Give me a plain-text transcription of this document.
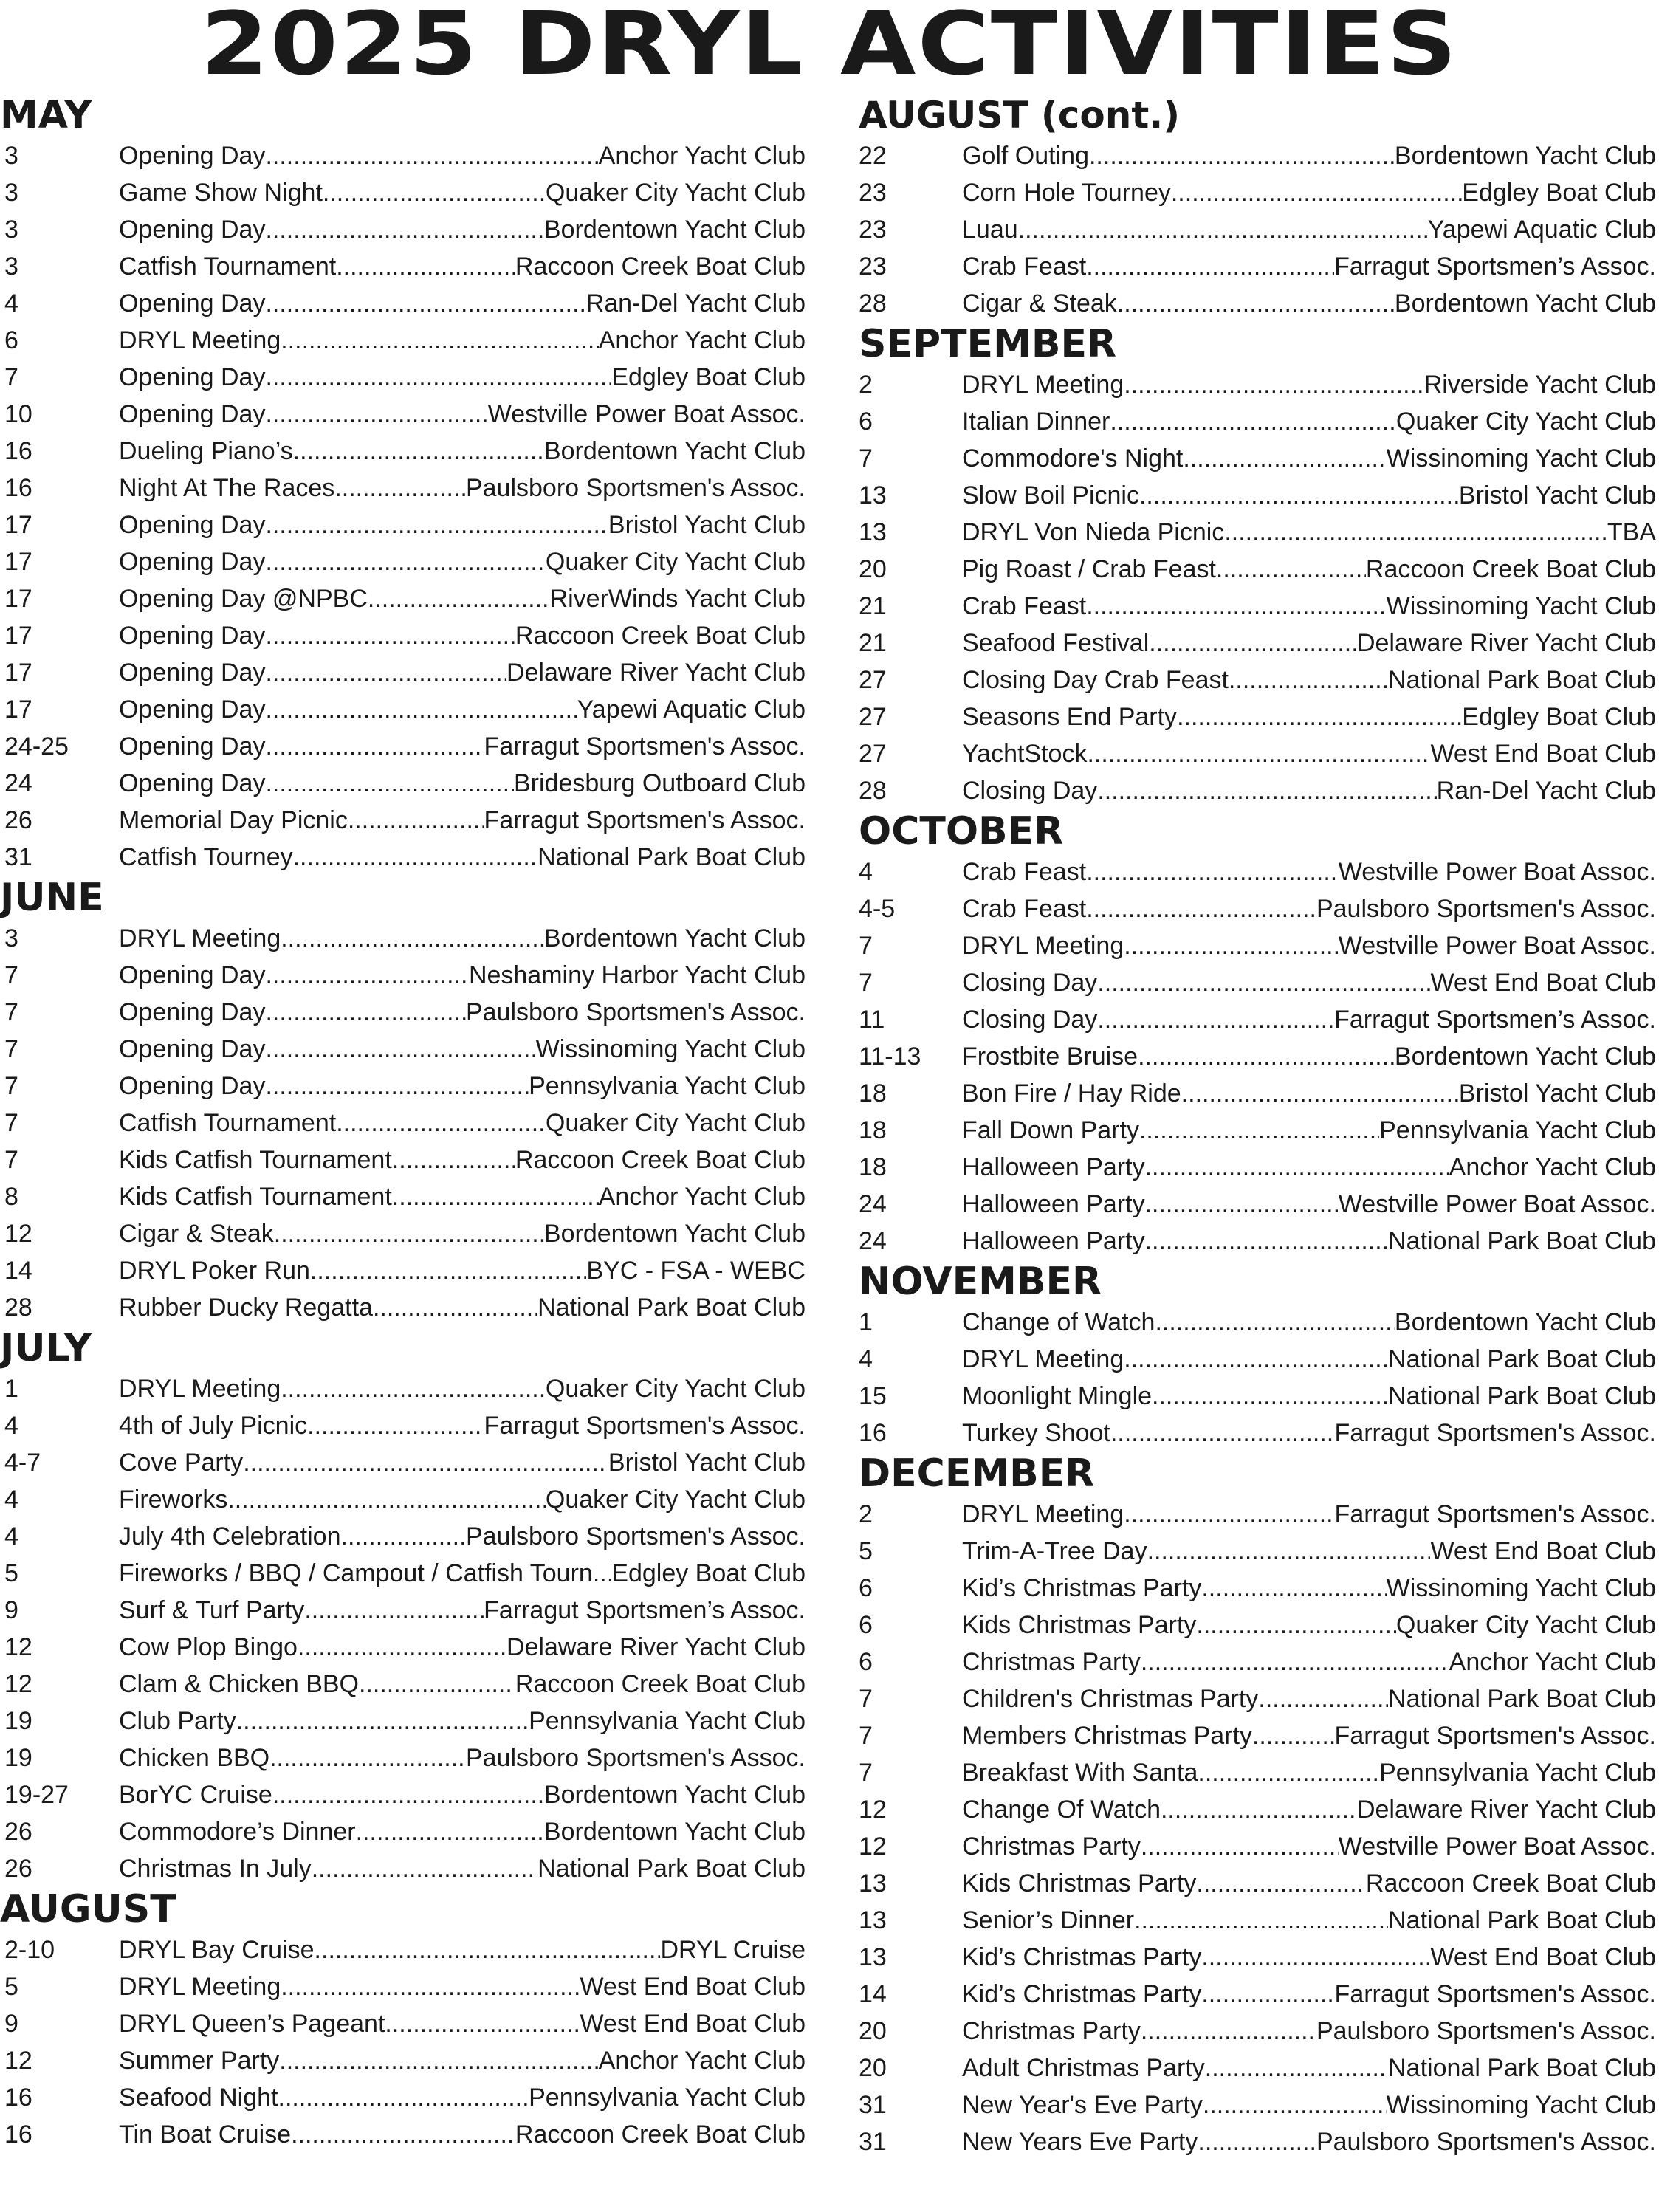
2025 DRYL ACTIVITIES
MAY
3	Opening Day .....	Anchor Yacht Club
3	Game Show Night .....	Quaker City Yacht Club
3	Opening Day .....	Bordentown Yacht Club
3	Catfish Tournament .....	Raccoon Creek Boat Club
4	Opening Day .....	Ran-Del Yacht Club
6	DRYL Meeting .....	Anchor Yacht Club
7	Opening Day .....	Edgley Boat Club
10	Opening Day .....	Westville Power Boat Assoc.
16	Dueling Piano’s .....	Bordentown Yacht Club
16	Night At The Races .....	Paulsboro Sportsmen's Assoc.
17	Opening Day .....	Bristol Yacht Club
17	Opening Day .....	Quaker City Yacht Club
17	Opening Day @NPBC .....	RiverWinds Yacht Club
17	Opening Day .....	Raccoon Creek Boat Club
17	Opening Day .....	Delaware River Yacht Club
17	Opening Day .....	Yapewi Aquatic Club
24-25	Opening Day .....	Farragut Sportsmen's Assoc.
24	Opening Day .....	Bridesburg Outboard Club
26	Memorial Day Picnic .....	Farragut Sportsmen's Assoc.
31	Catfish Tourney .....	National Park Boat Club
JUNE
3	DRYL Meeting .....	Bordentown Yacht Club
7	Opening Day .....	Neshaminy Harbor Yacht Club
7	Opening Day .....	Paulsboro Sportsmen's Assoc.
7	Opening Day .....	Wissinoming Yacht Club
7	Opening Day .....	Pennsylvania Yacht Club
7	Catfish Tournament .....	Quaker City Yacht Club
7	Kids Catfish Tournament .....	Raccoon Creek Boat Club
8	Kids Catfish Tournament .....	Anchor Yacht Club
12	Cigar & Steak .....	Bordentown Yacht Club
14	DRYL Poker Run .....	BYC - FSA - WEBC
28	Rubber Ducky Regatta .....	National Park Boat Club
JULY
1	DRYL Meeting .....	Quaker City Yacht Club
4	4th of July Picnic .....	Farragut Sportsmen's Assoc.
4-7	Cove Party .....	Bristol Yacht Club
4	Fireworks .....	Quaker City Yacht Club
4	July 4th Celebration .....	Paulsboro Sportsmen's Assoc.
5	Fireworks / BBQ / Campout / Catfish Tourn ..... Edgley Boat Club
9	Surf & Turf Party .....	Farragut Sportsmen’s Assoc.
12	Cow Plop Bingo .....	Delaware River Yacht Club
12	Clam & Chicken BBQ .....	Raccoon Creek Boat Club
19	Club Party .....	Pennsylvania Yacht Club
19	Chicken BBQ .....	Paulsboro Sportsmen's Assoc.
19-27	BorYC Cruise .....	Bordentown Yacht Club
26	Commodore’s Dinner .....	Bordentown Yacht Club
26	Christmas In July .....	National Park Boat Club
AUGUST
2-10	DRYL Bay Cruise .....	DRYL Cruise
5	DRYL Meeting .....	West End Boat Club
9	DRYL Queen’s Pageant .....	West End Boat Club
12	Summer Party .....	Anchor Yacht Club
16	Seafood Night .....	Pennsylvania Yacht Club
16	Tin Boat Cruise .....	Raccoon Creek Boat Club
AUGUST (cont.)
22	Golf Outing .....	Bordentown Yacht Club
23	Corn Hole Tourney .....	Edgley Boat Club
23	Luau .....	Yapewi Aquatic Club
23	Crab Feast .....	Farragut Sportsmen’s Assoc.
28	Cigar & Steak .....	Bordentown Yacht Club
SEPTEMBER
2	DRYL Meeting .....	Riverside Yacht Club
6	Italian Dinner .....	Quaker City Yacht Club
7	Commodore's Night .....	Wissinoming Yacht Club
13	Slow Boil Picnic .....	Bristol Yacht Club
13	DRYL Von Nieda Picnic .....	TBA
20	Pig Roast / Crab Feast .....	Raccoon Creek Boat Club
21	Crab Feast .....	Wissinoming Yacht Club
21	Seafood Festival .....	Delaware River Yacht Club
27	Closing Day Crab Feast .....	National Park Boat Club
27	Seasons End Party .....	Edgley Boat Club
27	YachtStock .....	West End Boat Club
28	Closing Day .....	Ran-Del Yacht Club
OCTOBER
4	Crab Feast .....	Westville Power Boat Assoc.
4-5	Crab Feast .....	Paulsboro Sportsmen's Assoc.
7	DRYL Meeting .....	Westville Power Boat Assoc.
7	Closing Day .....	West End Boat Club
11	Closing Day .....	Farragut Sportsmen’s Assoc.
11-13	Frostbite Bruise .....	Bordentown Yacht Club
18	Bon Fire / Hay Ride .....	Bristol Yacht Club
18	Fall Down Party .....	Pennsylvania Yacht Club
18	Halloween Party .....	Anchor Yacht Club
24	Halloween Party .....	Westville Power Boat Assoc.
24	Halloween Party .....	National Park Boat Club
NOVEMBER
1	Change of Watch .....	Bordentown Yacht Club
4	DRYL Meeting .....	National Park Boat Club
15	Moonlight Mingle .....	National Park Boat Club
16	Turkey Shoot .....	Farragut Sportsmen's Assoc.
DECEMBER
2	DRYL Meeting .....	Farragut Sportsmen's Assoc.
5	Trim-A-Tree Day .....	West End Boat Club
6	Kid’s Christmas Party .....	Wissinoming Yacht Club
6	Kids Christmas Party .....	Quaker City Yacht Club
6	Christmas Party .....	Anchor Yacht Club
7	Children's Christmas Party .....	National Park Boat Club
7	Members Christmas Party .....	Farragut Sportsmen's Assoc.
7	Breakfast With Santa .....	Pennsylvania Yacht Club
12	Change Of Watch .....	Delaware River Yacht Club
12	Christmas Party .....	Westville Power Boat Assoc.
13	Kids Christmas Party .....	Raccoon Creek Boat Club
13	Senior’s Dinner .....	National Park Boat Club
13	Kid’s Christmas Party .....	West End Boat Club
14	Kid’s Christmas Party .....	Farragut Sportsmen's Assoc.
20	Christmas Party .....	Paulsboro Sportsmen's Assoc.
20	Adult Christmas Party .....	National Park Boat Club
31	New Year's Eve Party .....	Wissinoming Yacht Club
31	New Years Eve Party .....	Paulsboro Sportsmen's Assoc.
